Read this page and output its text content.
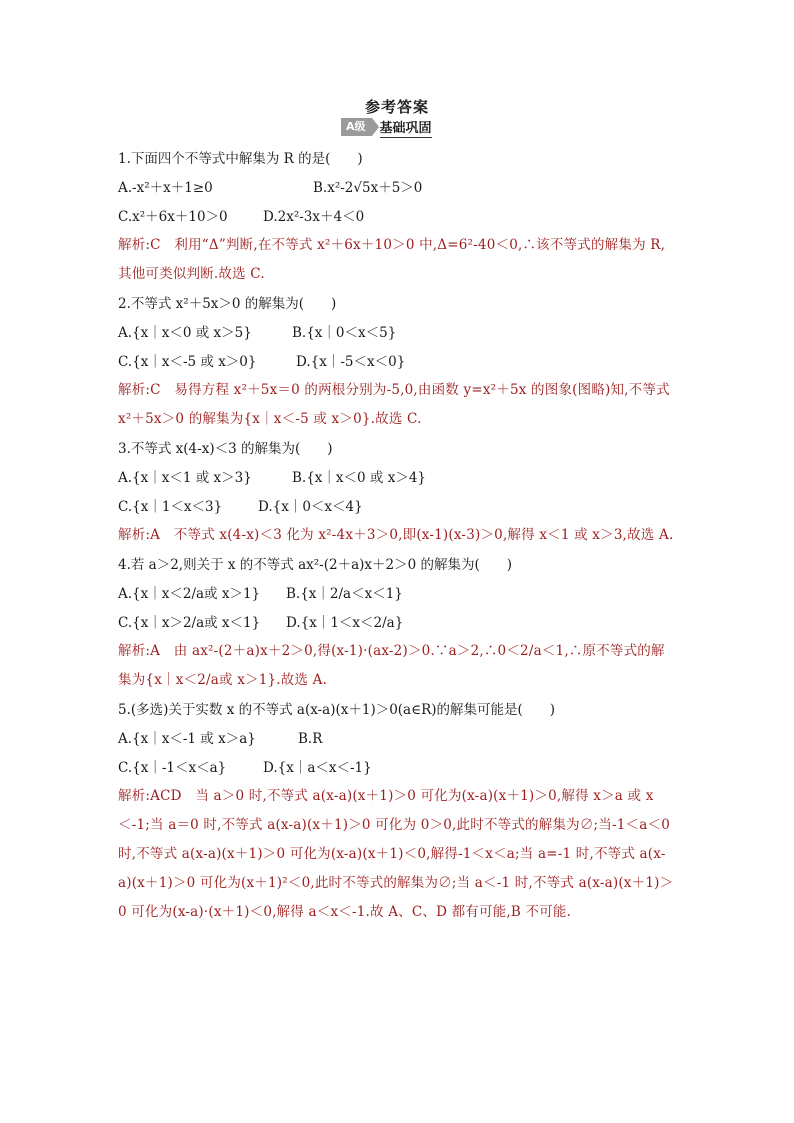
参考答案
A级	基础巩固
1.下面四个不等式中解集为 R 的是(　　)
A.-x²＋x＋1≥0	B.x²-2√5x＋5＞0
C.x²＋6x＋10＞0	D.2x²-3x＋4＜0
解析:C　利用“Δ”判断,在不等式 x²＋6x＋10＞0 中,Δ=6²-40＜0,∴该不等式的解集为 R,其他可类似判断.故选 C.
2.不等式 x²＋5x＞0 的解集为(　　)
A.{x｜x＜0 或 x＞5}	B.{x｜0＜x＜5}
C.{x｜x＜-5 或 x＞0}	D.{x｜-5＜x＜0}
解析:C　易得方程 x²＋5x＝0 的两根分别为-5,0,由函数 y=x²＋5x 的图象(图略)知,不等式 x²＋5x＞0 的解集为{x｜x＜-5 或 x＞0}.故选 C.
3.不等式 x(4-x)＜3 的解集为(　　)
A.{x｜x＜1 或 x＞3}	B.{x｜x＜0 或 x＞4}
C.{x｜1＜x＜3}	D.{x｜0＜x＜4}
解析:A　不等式 x(4-x)＜3 化为 x²-4x＋3＞0,即(x-1)(x-3)＞0,解得 x＜1 或 x＞3,故选 A.
4.若 a＞2,则关于 x 的不等式 ax²-(2＋a)x＋2＞0 的解集为(　　)
A.{x｜x＜2/a或 x＞1}	B.{x｜2/a＜x＜1}
C.{x｜x＞2/a或 x＜1}	D.{x｜1＜x＜2/a}
解析:A　由 ax²-(2＋a)x＋2＞0,得(x-1)·(ax-2)＞0.∵a＞2,∴0＜2/a＜1,∴原不等式的解集为{x｜x＜2/a或 x＞1}.故选 A.
5.(多选)关于实数 x 的不等式 a(x-a)(x＋1)＞0(a∈R)的解集可能是(　　)
A.{x｜x＜-1 或 x＞a}	B.R
C.{x｜-1＜x＜a}	D.{x｜a＜x＜-1}
解析:ACD　当 a＞0 时,不等式 a(x-a)(x＋1)＞0 可化为(x-a)(x＋1)＞0,解得 x＞a 或 x＜-1;当 a＝0 时,不等式 a(x-a)(x＋1)＞0 可化为 0＞0,此时不等式的解集为∅;当-1＜a＜0 时,不等式 a(x-a)(x＋1)＞0 可化为(x-a)(x＋1)＜0,解得-1＜x＜a;当 a=-1 时,不等式 a(x-a)(x＋1)＞0 可化为(x＋1)²＜0,此时不等式的解集为∅;当 a＜-1 时,不等式 a(x-a)(x＋1)＞0 可化为(x-a)·(x＋1)＜0,解得 a＜x＜-1.故 A、C、D 都有可能,B 不可能.
